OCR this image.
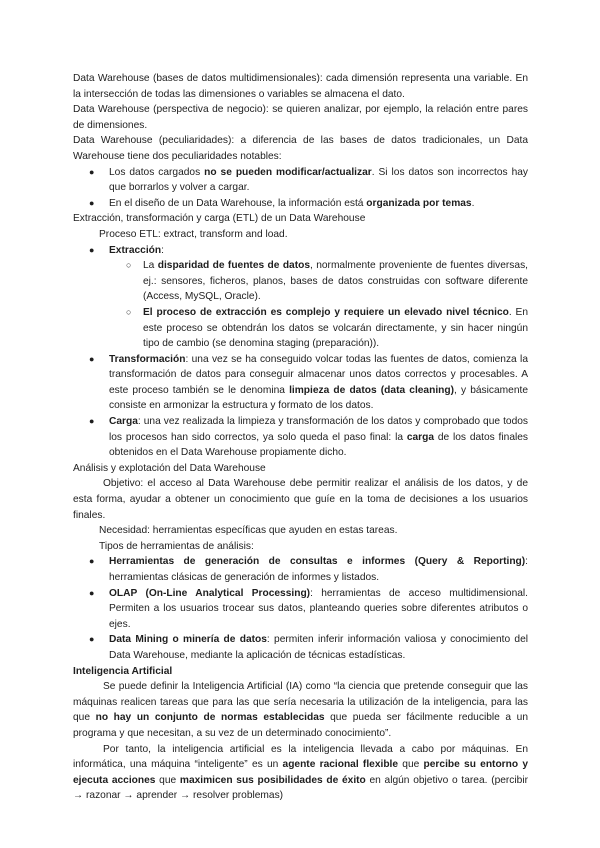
Data Warehouse (bases de datos multidimensionales): cada dimensión representa una variable. En la intersección de todas las dimensiones o variables se almacena el dato.

Data Warehouse (perspectiva de negocio): se quieren analizar, por ejemplo, la relación entre pares de dimensiones.

Data Warehouse (peculiaridades): a diferencia de las bases de datos tradicionales, un Data Warehouse tiene dos peculiaridades notables:

● Los datos cargados no se pueden modificar/actualizar. Si los datos son incorrectos hay que borrarlos y volver a cargar.
● En el diseño de un Data Warehouse, la información está organizada por temas.

Extracción, transformación y carga (ETL) de un Data Warehouse

Proceso ETL: extract, transform and load.

● Extracción:
○ La disparidad de fuentes de datos, normalmente proveniente de fuentes diversas, ej.: sensores, ficheros, planos, bases de datos construidas con software diferente (Access, MySQL, Oracle).
○ El proceso de extracción es complejo y requiere un elevado nivel técnico. En este proceso se obtendrán los datos se volcarán directamente, y sin hacer ningún tipo de cambio (se denomina staging (preparación)).
● Transformación: una vez se ha conseguido volcar todas las fuentes de datos, comienza la transformación de datos para conseguir almacenar unos datos correctos y procesables. A este proceso también se le denomina limpieza de datos (data cleaning), y básicamente consiste en armonizar la estructura y formato de los datos.
● Carga: una vez realizada la limpieza y transformación de los datos y comprobado que todos los procesos han sido correctos, ya solo queda el paso final: la carga de los datos finales obtenidos en el Data Warehouse propiamente dicho.

Análisis y explotación del Data Warehouse

Objetivo: el acceso al Data Warehouse debe permitir realizar el análisis de los datos, y de esta forma, ayudar a obtener un conocimiento que guíe en la toma de decisiones a los usuarios finales.

Necesidad: herramientas específicas que ayuden en estas tareas.

Tipos de herramientas de análisis:

● Herramientas de generación de consultas e informes (Query & Reporting): herramientas clásicas de generación de informes y listados.
● OLAP (On-Line Analytical Processing): herramientas de acceso multidimensional. Permiten a los usuarios trocear sus datos, planteando queries sobre diferentes atributos o ejes.
● Data Mining o minería de datos: permiten inferir información valiosa y conocimiento del Data Warehouse, mediante la aplicación de técnicas estadísticas.

Inteligencia Artificial

Se puede definir la Inteligencia Artificial (IA) como “la ciencia que pretende conseguir que las máquinas realicen tareas que para las que sería necesaria la utilización de la inteligencia, para las que no hay un conjunto de normas establecidas que pueda ser fácilmente reducible a un programa y que necesitan, a su vez de un determinado conocimiento”.

Por tanto, la inteligencia artificial es la inteligencia llevada a cabo por máquinas. En informática, una máquina “inteligente” es un agente racional flexible que percibe su entorno y ejecuta acciones que maximicen sus posibilidades de éxito en algún objetivo o tarea. (percibir → razonar → aprender → resolver problemas)
